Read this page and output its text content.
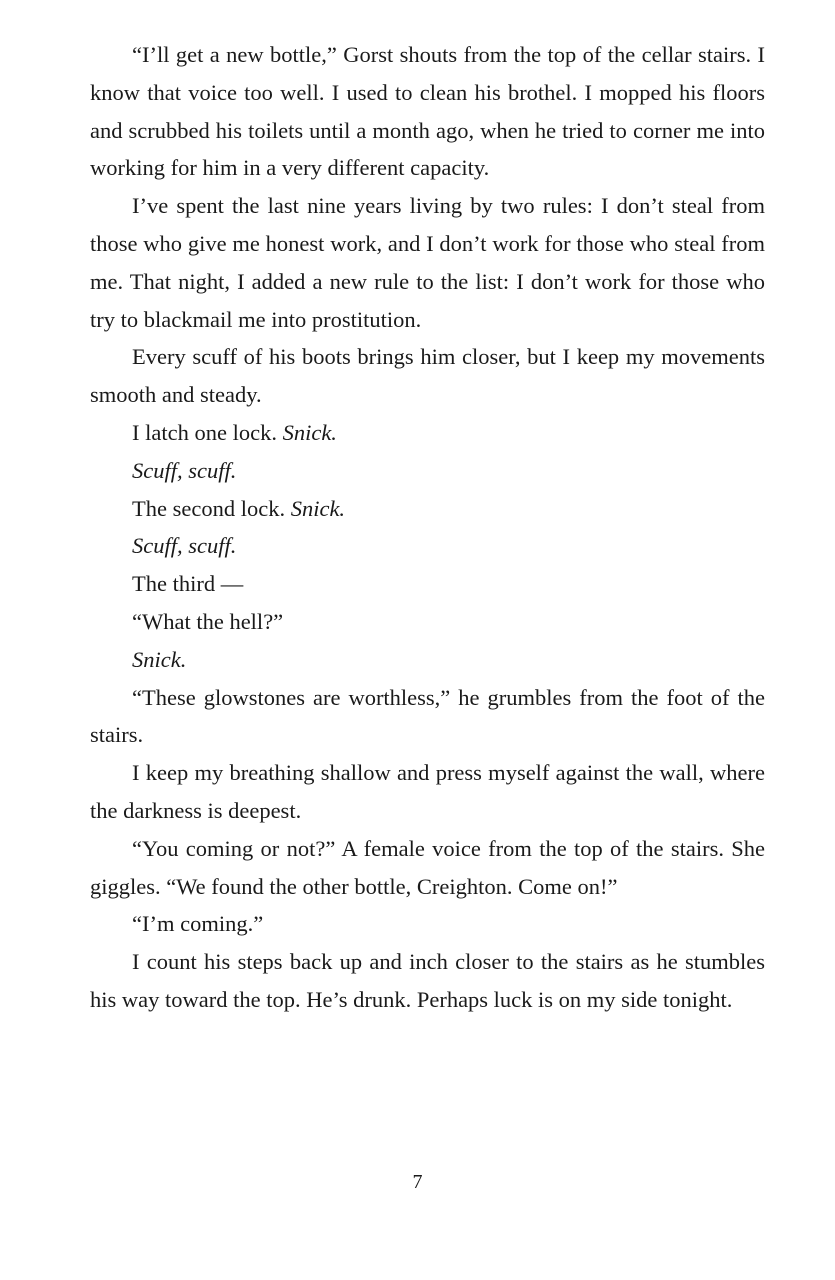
“I’ll get a new bottle,” Gorst shouts from the top of the cellar stairs. I know that voice too well. I used to clean his brothel. I mopped his floors and scrubbed his toilets until a month ago, when he tried to corner me into working for him in a very different capacity.

I’ve spent the last nine years living by two rules: I don’t steal from those who give me honest work, and I don’t work for those who steal from me. That night, I added a new rule to the list: I don’t work for those who try to blackmail me into prostitution.

Every scuff of his boots brings him closer, but I keep my movements smooth and steady.

I latch one lock. Snick.

Scuff, scuff.

The second lock. Snick.

Scuff, scuff.

The third —

“What the hell?”

Snick.

“These glowstones are worthless,” he grumbles from the foot of the stairs.

I keep my breathing shallow and press myself against the wall, where the darkness is deepest.

“You coming or not?” A female voice from the top of the stairs. She giggles. “We found the other bottle, Creighton. Come on!”

“I’m coming.”

I count his steps back up and inch closer to the stairs as he stumbles his way toward the top. He’s drunk. Perhaps luck is on my side tonight.

7
